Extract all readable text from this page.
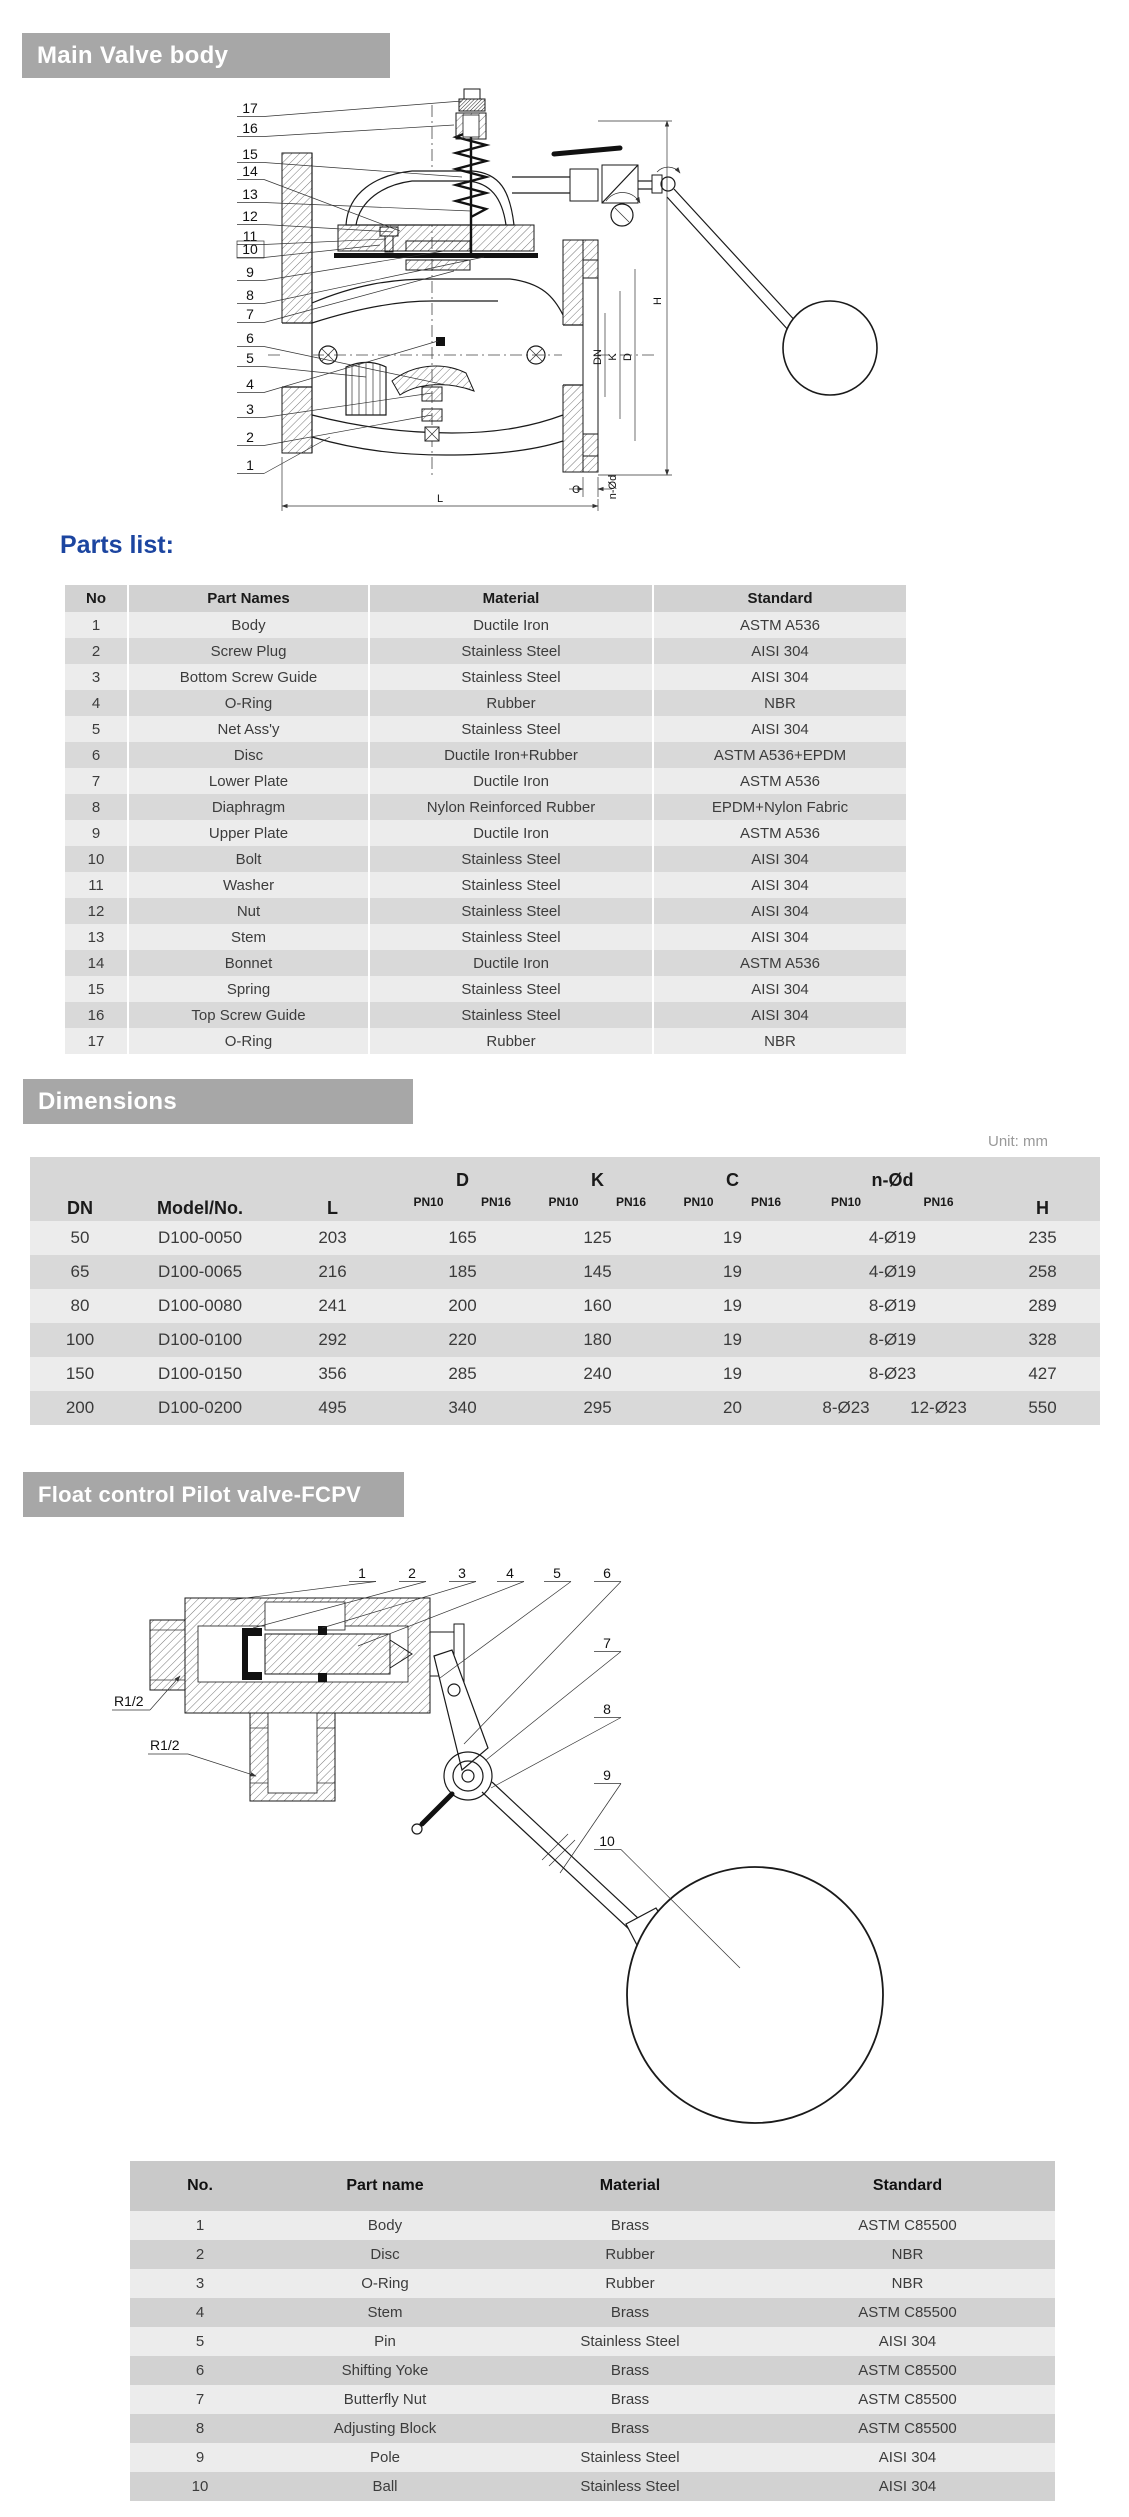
Main Valve body
Dimensions
Float control Pilot valve-FCPV
Parts list:
Unit: mm
H
DN K D
C n-Ød
L
17
16
15
14
13
12
11
10
9
8
7
6
5
4
3
2
1
R1/2
R1/2
1	2	3	4	5	6
7
8
9
10
No	Part Names	Material	Standard
1	Body	Ductile Iron	ASTM A536
2	Screw Plug	Stainless Steel	AISI 304
3	Bottom Screw Guide	Stainless Steel	AISI 304
4	O-Ring	Rubber	NBR
5	Net Ass'y	Stainless Steel	AISI 304
6	Disc	Ductile Iron+Rubber	ASTM A536+EPDM
7	Lower Plate	Ductile Iron	ASTM A536
8	Diaphragm	Nylon Reinforced Rubber	EPDM+Nylon Fabric
9	Upper Plate	Ductile Iron	ASTM A536
10	Bolt	Stainless Steel	AISI 304
11	Washer	Stainless Steel	AISI 304
12	Nut	Stainless Steel	AISI 304
13	Stem	Stainless Steel	AISI 304
14	Bonnet	Ductile Iron	ASTM A536
15	Spring	Stainless Steel	AISI 304
16	Top Screw Guide	Stainless Steel	AISI 304
17	O-Ring	Rubber	NBR
DN	Model/No.	L	D		K		C		n-Ød		H
			PN10	PN16	PN10	PN16	PN10	PN16	PN10	PN16	
50	D100-0050	203	165		125		19		4-Ø19		235
65	D100-0065	216	185		145		19		4-Ø19		258
80	D100-0080	241	200		160		19		8-Ø19		289
100	D100-0100	292	220		180		19		8-Ø19		328
150	D100-0150	356	285		240		19		8-Ø23		427
200	D100-0200	495	340		295		20		8-Ø23	12-Ø23	550
No.	Part name	Material	Standard
1	Body	Brass	ASTM C85500
2	Disc	Rubber	NBR
3	O-Ring	Rubber	NBR
4	Stem	Brass	ASTM C85500
5	Pin	Stainless Steel	AISI 304
6	Shifting Yoke	Brass	ASTM C85500
7	Butterfly Nut	Brass	ASTM C85500
8	Adjusting Block	Brass	ASTM C85500
9	Pole	Stainless Steel	AISI 304
10	Ball	Stainless Steel	AISI 304
